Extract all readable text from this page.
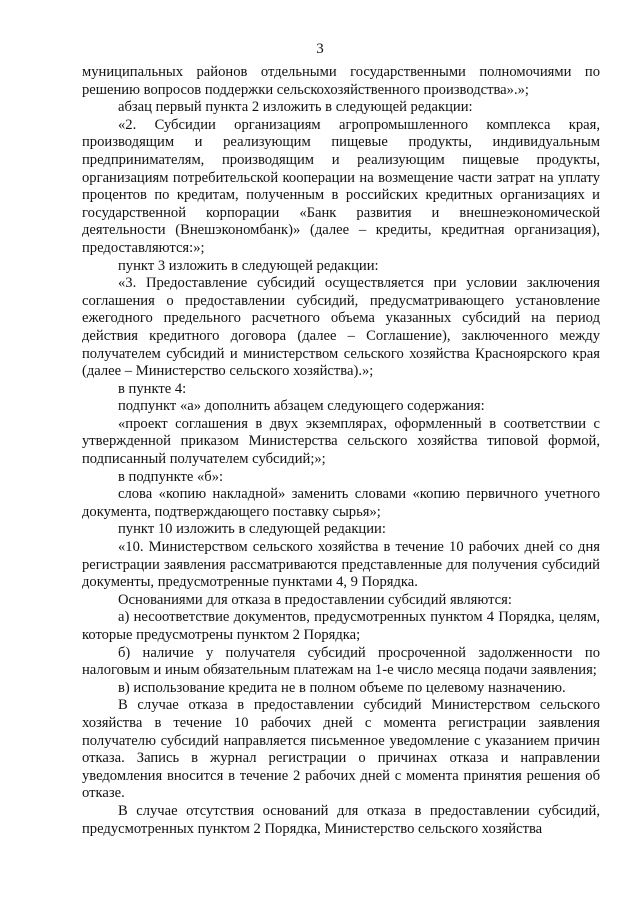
3

муниципальных районов отдельными государственными полномочиями по решению вопросов поддержки сельскохозяйственного производства».»;

абзац первый пункта 2 изложить в следующей редакции:

«2. Субсидии организациям агропромышленного комплекса края, производящим и реализующим пищевые продукты, индивидуальным предпринимателям, производящим и реализующим пищевые продукты, организациям потребительской кооперации на возмещение части затрат на уплату процентов по кредитам, полученным в российских кредитных организациях и государственной корпорации «Банк развития и внешнеэкономической деятельности (Внешэкономбанк)» (далее – кредиты, кредитная организация), предоставляются:»;

пункт 3 изложить в следующей редакции:

«3. Предоставление субсидий осуществляется при условии заключения соглашения о предоставлении субсидий, предусматривающего установление ежегодного предельного расчетного объема указанных субсидий на период действия кредитного договора (далее – Соглашение), заключенного между получателем субсидий и министерством сельского хозяйства Красноярского края (далее – Министерство сельского хозяйства).»;

в пункте 4:

подпункт «а» дополнить абзацем следующего содержания:

«проект соглашения в двух экземплярах, оформленный в соответствии с утвержденной приказом Министерства сельского хозяйства типовой формой, подписанный получателем субсидий;»;

в подпункте «б»:

слова «копию накладной» заменить словами «копию первичного учетного документа, подтверждающего поставку сырья»;

пункт 10 изложить в следующей редакции:

«10. Министерством сельского хозяйства в течение 10 рабочих дней со дня регистрации заявления рассматриваются представленные для получения субсидий документы, предусмотренные пунктами 4, 9 Порядка.

Основаниями для отказа в предоставлении субсидий являются:

а) несоответствие документов, предусмотренных пунктом 4 Порядка, целям, которые предусмотрены пунктом 2 Порядка;

б) наличие у получателя субсидий просроченной задолженности по налоговым и иным обязательным платежам на 1-е число месяца подачи заявления;

в) использование кредита не в полном объеме по целевому назначению.

В случае отказа в предоставлении субсидий Министерством сельского хозяйства в течение 10 рабочих дней с момента регистрации заявления получателю субсидий направляется письменное уведомление с указанием причин отказа. Запись в журнал регистрации о причинах отказа и направлении уведомления вносится в течение 2 рабочих дней с момента принятия решения об отказе.

В случае отсутствия оснований для отказа в предоставлении субсидий, предусмотренных пунктом 2 Порядка, Министерство сельского хозяйства
